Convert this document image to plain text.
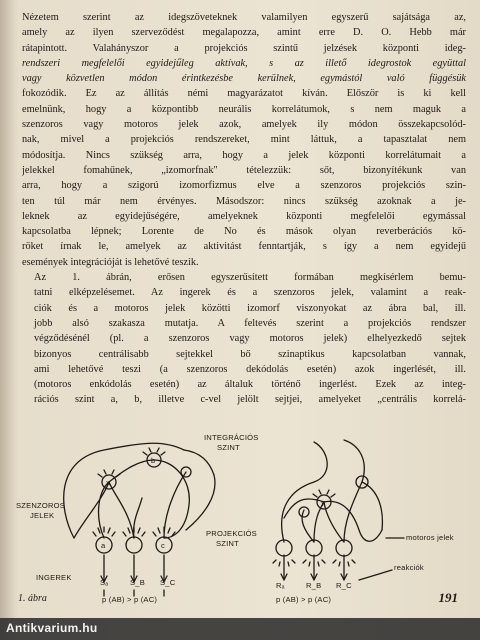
Nézetem szerint az idegszöveteknek valamilyen egyszerű sajátsága az,
amely az ilyen szerveződést megalapozza, amint erre D. O. Hebb már
rátapintott. Valahányszor a projekciós szintű jelzések központi ideg-
rendszeri megfelelői egyidejűleg aktívak, s az illető idegrostok együttal
vagy közvetlen módon érintkezésbe kerülnek, egymástól való függésük
fokozódik. Ez az állítás némi magyarázatot kíván. Először is ki kell
emelnünk, hogy a központibb neurális korrelátumok, s nem maguk a
szenzoros vagy motoros jelek azok, amelyek ily módon összekapcsolód-
nak, mivel a projekciós rendszereket, mint láttuk, a tapasztalat nem
módosítja. Nincs szükség arra, hogy a jelek központi korrelátumait a
jelekkel fomahűnek, „izomorfnak" tételezzük: sőt, bizonyítékunk van
arra, hogy a szigorú izomorfizmus elve a szenzoros projekciós szin-
ten túl már nem érvényes. Másodszor: nincs szükség azoknak a je-
leknek az egyidejűségére, amelyeknek központi megfelelői egymással
kapcsolatba lépnek; Lorente de No és mások olyan reverberációs kö-
röket írnak le, amelyek az aktivitást fenntartják, s így a nem egyidejű
események integrációját is lehetővé teszik.

Az 1. ábrán, erősen egyszerűsített formában megkísérlem bemu-
tatni elképzelésemet. Az ingerek és a szenzoros jelek, valamint a reak-
ciók és a motoros jelek közötti izomorf viszonyokat az ábra bal, ill.
jobb alsó szakasza mutatja. A feltevés szerint a projekciós rendszer
végződésénél (pl. a szenzoros vagy motoros jelek) elhelyezkedő sejtek
bizonyos centrálisabb sejtekkel bő szinaptikus kapcsolatban vannak,
ami lehetővé teszi (a szenzoros dekódolás esetén) azok ingerlését, ill.
(motoros enkódolás esetén) az általuk történő ingerlést. Ezek az integ-
rációs szint a, b, illetve c-vel jelölt sejtjei, amelyeket „centrális korrelá-

INTEGRÁCIÓS
SZINT
SZENZOROS
JELEK
PROJEKCIÓS
SZINT
motoros jelek
INGEREK
reakciók
Sₐ	S_B S_C	Rₐ	R_B R_C
x
b
a	c
y
p (AB) > p (AC)	p (AB) > p (AC)
1. ábra	191
Antikvarium.hu
